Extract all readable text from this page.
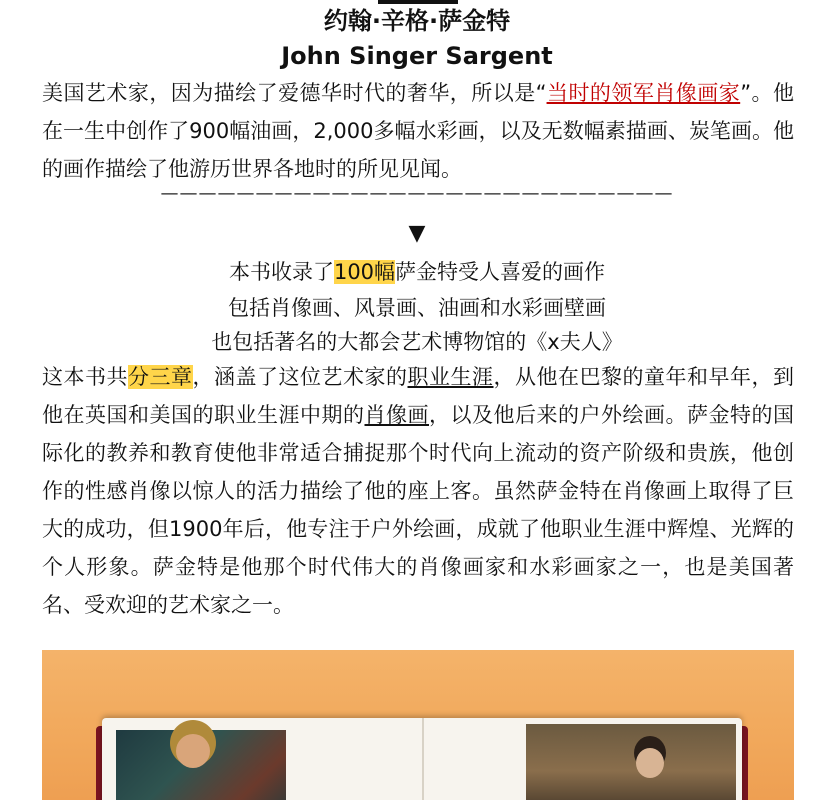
约翰·辛格·萨金特
John Singer Sargent

美国艺术家，因为描绘了爱德华时代的奢华，所以是“当时的领军肖像画家”。他在一生中创作了900幅油画，2,000多幅水彩画，以及无数幅素描画、炭笔画。他的画作描绘了他游历世界各地时的所见见闻。

———————————————————————————
▼
本书收录了100幅萨金特受人喜爱的画作
包括肖像画、风景画、油画和水彩画壁画
也包括著名的大都会艺术博物馆的《x夫人》

这本书共分三章，涵盖了这位艺术家的职业生涯，从他在巴黎的童年和早年，到他在英国和美国的职业生涯中期的肖像画，以及他后来的户外绘画。萨金特的国际化的教养和教育使他非常适合捕捉那个时代向上流动的资产阶级和贵族，他创作的性感肖像以惊人的活力描绘了他的座上客。虽然萨金特在肖像画上取得了巨大的成功，但1900年后，他专注于户外绘画，成就了他职业生涯中辉煌、光辉的个人形象。萨金特是他那个时代伟大的肖像画家和水彩画家之一，也是美国著名、受欢迎的艺术家之一。
